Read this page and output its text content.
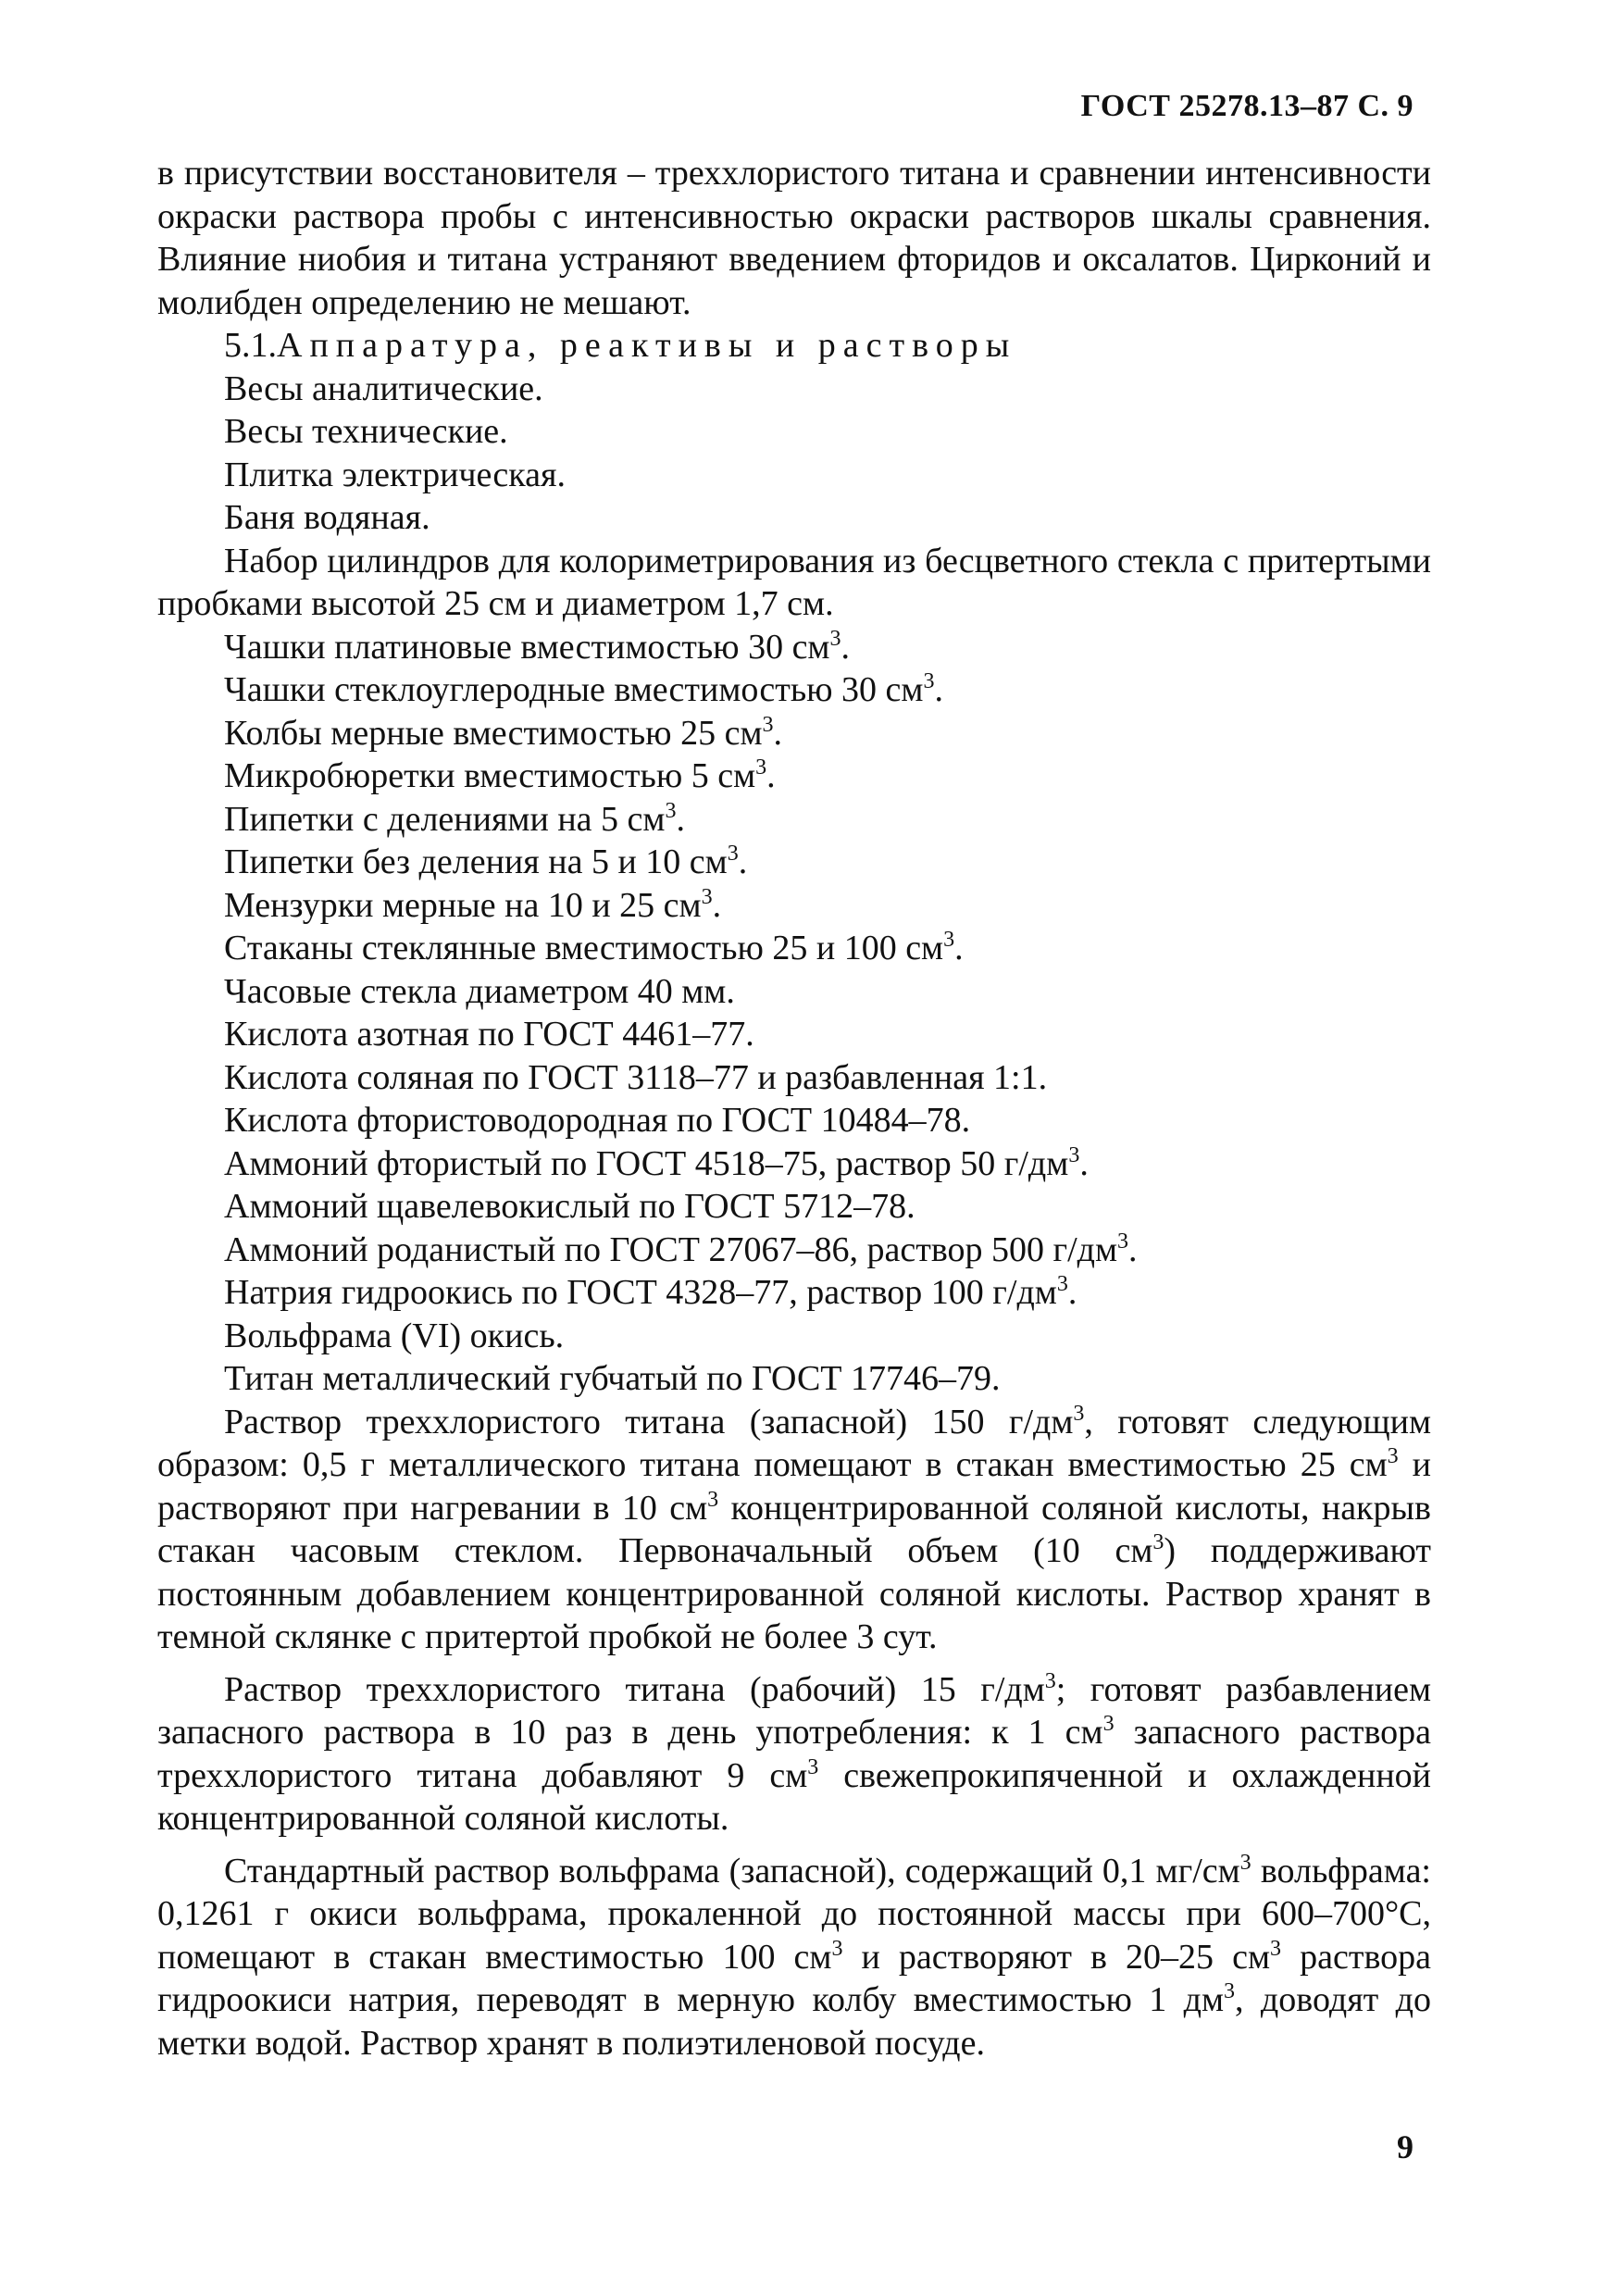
ГОСТ 25278.13–87 С. 9

в присутствии восстановителя – треххлористого титана и сравнении интенсивности окраски раствора пробы с интенсивностью окраски растворов шкалы сравнения. Влияние ниобия и титана устраняют введением фторидов и оксалатов. Цирконий и молибден определению не мешают.

5.1.Аппаратура, реактивы и растворы

Весы аналитические.

Весы технические.

Плитка электрическая.

Баня водяная.

Набор цилиндров для колориметрирования из бесцветного стекла с притертыми пробками высотой 25 см и диаметром 1,7 см.

Чашки платиновые вместимостью 30 $см^3$.

Чашки стеклоуглеродные вместимостью 30 $см^3$.

Колбы мерные вместимостью 25 $см^3$.

Микробюретки вместимостью 5 $см^3$.

Пипетки с делениями на 5 $см^3$.

Пипетки без деления на 5 и 10 $см^3$.

Мензурки мерные на 10 и 25 $см^3$.

Стаканы стеклянные вместимостью 25 и 100 $см^3$.

Часовые стекла диаметром 40 мм.

Кислота азотная по ГОСТ 4461–77.

Кислота соляная по ГОСТ 3118–77 и разбавленная 1:1.

Кислота фтористоводородная по ГОСТ 10484–78.

Аммоний фтористый по ГОСТ 4518–75, раствор 50 $г/дм^3$.

Аммоний щавелевокислый по ГОСТ 5712–78.

Аммоний роданистый по ГОСТ 27067–86, раствор 500 $г/дм^3$.

Натрия гидроокись по ГОСТ 4328–77, раствор 100 $г/дм^3$.

Вольфрама (VI) окись.

Титан металлический губчатый по ГОСТ 17746–79.

Раствор треххлористого титана (запасной) 150 $г/дм^3$, готовят следующим образом: 0,5 г металлического титана помещают в стакан вместимостью 25 $см^3$ и растворяют при нагревании в 10 $см^3$ концентрированной соляной кислоты, накрыв стакан часовым стеклом. Первоначальный объем (10 $см^3$) поддерживают постоянным добавлением концентрированной соляной кислоты. Раствор хранят в темной склянке с притертой пробкой не более 3 сут.

Раствор треххлористого титана (рабочий) 15 $г/дм^3$; готовят разбавлением запасного раствора в 10 раз в день употребления: к 1 $см^3$ запасного раствора треххлористого титана добавляют 9 $см^3$ свежепрокипяченной и охлажденной концентрированной соляной кислоты.

Стандартный раствор вольфрама (запасной), содержащий 0,1 $мг/см^3$ вольфрама: 0,1261 г окиси вольфрама, прокаленной до постоянной массы при 600–700°С, помещают в стакан вместимостью 100 $см^3$ и растворяют в 20–25 $см^3$ раствора гидроокиси натрия, переводят в мерную колбу вместимостью 1 $дм^3$, доводят до метки водой. Раствор хранят в полиэтиленовой посуде.

9
